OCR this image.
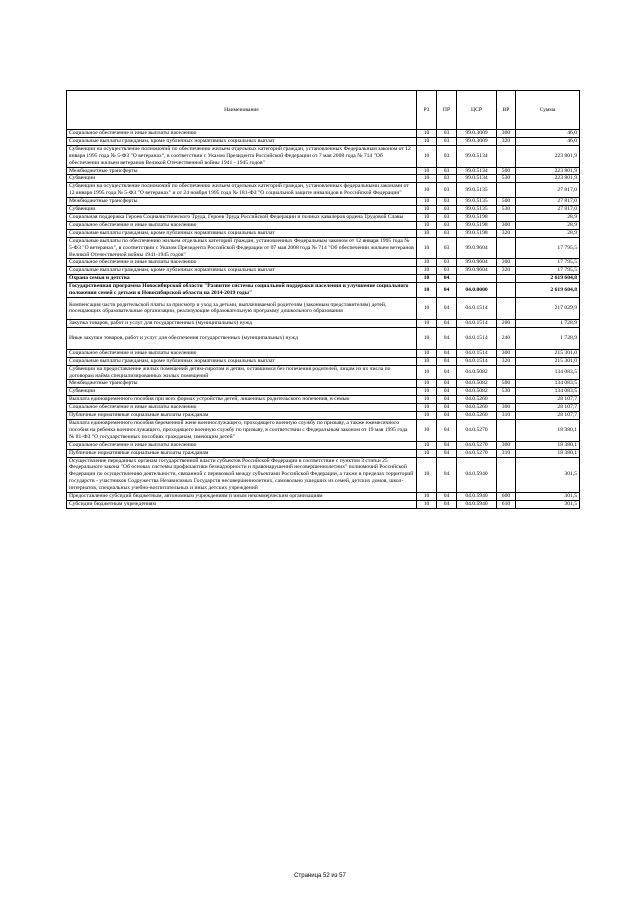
Наименование	РЗ	ПР	ЦСР	ВР	Сумма
Социальное обеспечение и иные выплаты населению	10	03	99.0.3009	300	46,0
Социальные выплаты гражданам, кроме публичных нормативных социальных выплат	10	03	99.0.3009	320	46,0
Субвенции на осуществление полномочий по обеспечению жильем отдельных категорий граждан, установленных Федеральным законом от 12 января 1995 года № 5-ФЗ "О ветеранах", в соответствии с Указом Президента Российской Федерации от 7 мая 2008 года № 714 "Об обеспечении жильем ветеранов Великой Отечественной войны 1941 - 1945 годов"	10	03	99.0.5134		223 801,9
Межбюджетные трансферты	10	03	99.0.5134	500	223 801,9
Субвенции	10	03	99.0.5134	530	223 801,9
Субвенции на осуществление полномочий по обеспечению жильем отдельных категорий граждан, установленных федеральными законами от 12 января 1995 года № 5-ФЗ "О ветеранах" и от 24 ноября 1995 года № 181-ФЗ "О социальной защите инвалидов в Российской Федерации"	10	03	99.0.5135		27 817,0
Межбюджетные трансферты	10	03	99.0.5135	500	27 817,0
Субвенции	10	03	99.0.5135	530	27 817,0
Социальная поддержка Героев Социалистического Труда, Героев Труда Российской Федерации и полных кавалеров ордена Трудовой Славы	10	03	99.0.5198		28,9
Социальное обеспечение и иные выплаты населению	10	03	99.0.5198	300	28,9
Социальные выплаты гражданам, кроме публичных нормативных социальных выплат	10	03	99.0.5198	320	28,9
Социальные выплаты по обеспечению жильем отдельных категорий граждан, установленных Федеральным законом от 12 января 1995 года № 5-ФЗ "О ветеранах", в соответствии с Указом Президента Российской Федерации от 07 мая 2008 года № 714 "Об обеспечении жильем ветеранов Великой Отечественной войны 1941-1945 годов"	10	03	99.0.9604		17 795,5
Социальное обеспечение и иные выплаты населению	10	03	99.0.9604	300	17 795,5
Социальные выплаты гражданам, кроме публичных нормативных социальных выплат	10	03	99.0.9604	320	17 795,5
Охрана семьи и детства	10	04			2 619 604,8
Государственная программа Новосибирской области "Развитие системы социальной поддержки населения и улучшение социального положения семей с детьми в Новосибирской области на 2014-2019 годы"	10	04	04.0.0000		2 619 604,8
Компенсация части родительской платы за присмотр и уход за детьми, выплачиваемой родителям (законным представителям) детей, посещающих образовательные организации, реализующие образовательную программу дошкольного образования	10	04	04.0.1514		217 029,9
Закупка товаров, работ и услуг для государственных (муниципальных) нужд	10	04	04.0.1514	200	1 728,9
Иные закупки товаров, работ и услуг для обеспечения государственных (муниципальных) нужд	10	04	04.0.1514	240	1 728,9
Социальное обеспечение и иные выплаты населению	10	04	04.0.1514	300	215 301,0
Социальные выплаты гражданам, кроме публичных нормативных социальных выплат	10	04	04.0.1514	320	215 301,0
Субвенции на предоставление жилых помещений детям-сиротам и детям, оставшимся без попечения родителей, лицам из их числа по договорам найма специализированных жилых помещений	10	04	04.0.5082		134 083,5
Межбюджетные трансферты	10	04	04.0.5082	500	134 083,5
Субвенции	10	04	04.0.5082	530	134 083,5
Выплата единовременного пособия при всех формах устройства детей, лишенных родительского попечения, в семью	10	04	04.0.5260		28 107,7
Социальное обеспечение и иные выплаты населению	10	04	04.0.5260	300	28 107,7
Публичные нормативные социальные выплаты гражданам	10	04	04.0.5260	310	28 107,7
Выплата единовременного пособия беременной жене военнослужащего, проходящего военную службу по призыву, а также ежемесячного пособия на ребенка военнослужащего, проходящего военную службу по призыву, в соответствии с Федеральным законом от 19 мая 1995 года № 81-ФЗ "О государственных пособиях гражданам, имеющим детей"	10	04	04.0.5270		18 380,1
Социальное обеспечение и иные выплаты населению	10	04	04.0.5270	300	18 380,1
Публичные нормативные социальные выплаты гражданам	10	04	04.0.5270	310	18 380,1
Осуществление переданных органам государственной власти субъектов Российской Федерации в соответствии с пунктом 3 статьи 25 Федерального закона "Об основах системы профилактики безнадзорности и правонарушений несовершеннолетних" полномочий Российской Федерации по осуществлению деятельности, связанной с перевозкой между субъектами Российской Федерации, а также в пределах территорий государств - участников Содружества Независимых Государств несовершеннолетних, самовольно ушедших из семей, детских домов, школ-интернатов, специальных учебно-воспитательных и иных детских учреждений	10	04	04.0.5940		301,5
Предоставление субсидий бюджетным, автономным учреждениям и иным некоммерческим организациям	10	04	04.0.5940	600	301,5
Субсидии бюджетным учреждениям	10	04	04.0.5940	610	301,5
Страница 52 из 57
